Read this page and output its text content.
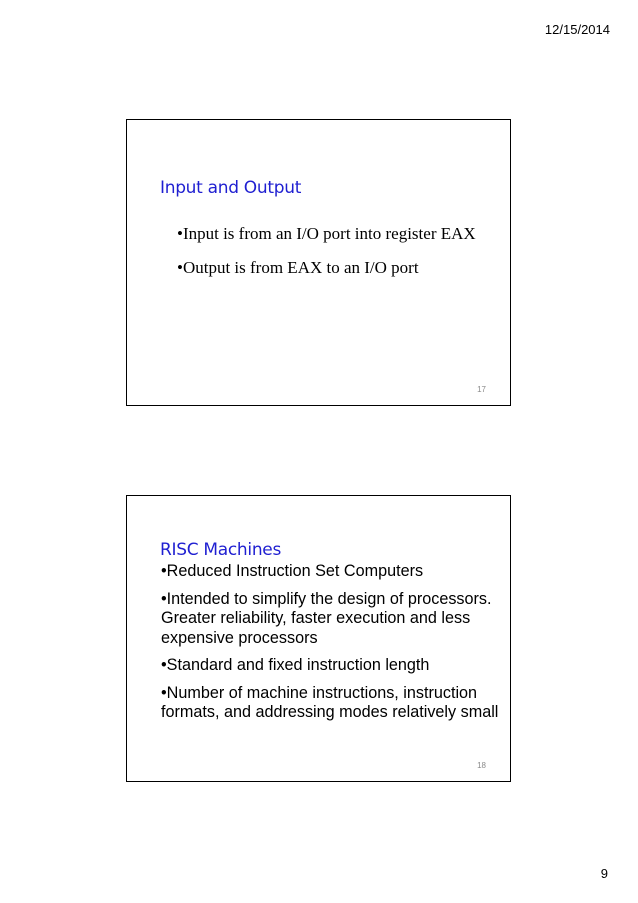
12/15/2014
Input and Output
•Input is from an I/O port into register EAX
•Output is from EAX to an I/O port
17
RISC Machines
•Reduced Instruction Set Computers
•Intended to simplify the design of processors. Greater reliability, faster execution and less expensive processors
•Standard and fixed instruction length
•Number of machine instructions, instruction formats, and addressing modes relatively small
18
9
